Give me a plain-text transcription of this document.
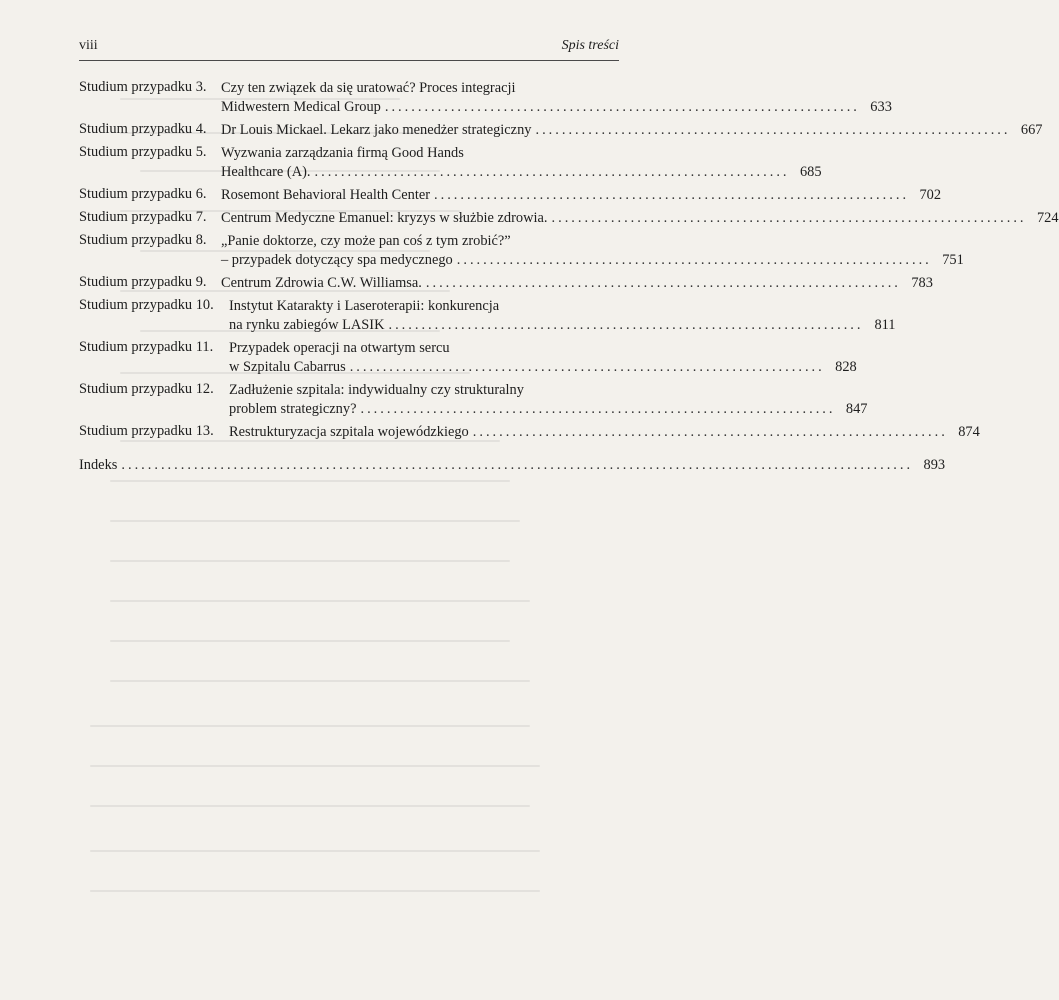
viii	Spis treści
Studium przypadku 3. Czy ten związek da się uratować? Proces integracji
Midwestern Medical Group ........................................................................ 633
Studium przypadku 4. Dr Louis Mickael. Lekarz jako menedżer strategiczny ........................................................................ 667
Studium przypadku 5. Wyzwania zarządzania firmą Good Hands
Healthcare (A). ........................................................................ 685
Studium przypadku 6. Rosemont Behavioral Health Center ........................................................................ 702
Studium przypadku 7. Centrum Medyczne Emanuel: kryzys w służbie zdrowia. ........................................................................ 724
Studium przypadku 8. „Panie doktorze, czy może pan coś z tym zrobić?”
– przypadek dotyczący spa medycznego ........................................................................ 751
Studium przypadku 9. Centrum Zdrowia C.W. Williamsa. ........................................................................ 783
Studium przypadku 10. Instytut Katarakty i Laseroterapii: konkurencja
na rynku zabiegów LASIK ........................................................................ 811
Studium przypadku 11. Przypadek operacji na otwartym sercu
w Szpitalu Cabarrus ........................................................................ 828
Studium przypadku 12. Zadłużenie szpitala: indywidualny czy strukturalny
problem strategiczny? ........................................................................ 847
Studium przypadku 13. Restrukturyzacja szpitala wojewódzkiego ........................................................................ 874
Indeks ........................................................................................................................ 893
